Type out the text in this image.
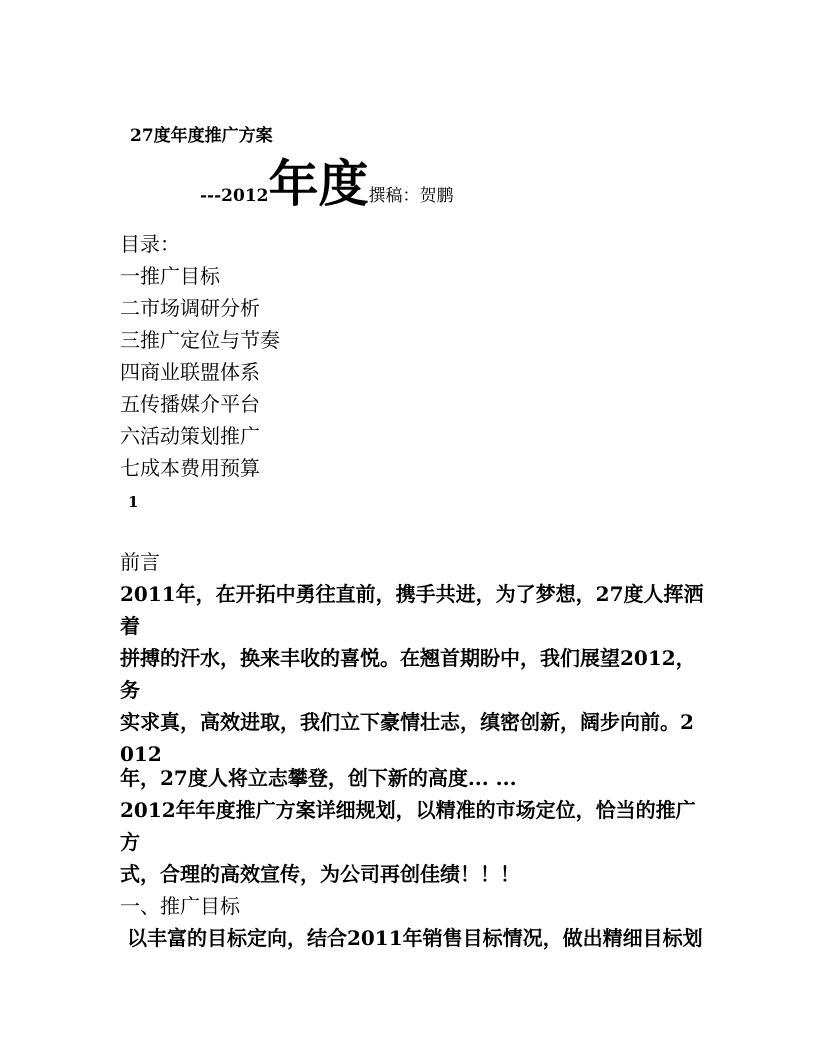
27度年度推广方案
---2012年度撰稿：贺鹏
目录：
一推广目标
二市场调研分析
三推广定位与节奏
四商业联盟体系
五传播媒介平台
六活动策划推广
七成本费用预算
1
前言
2011年，在开拓中勇往直前，携手共进，为了梦想，27度人挥洒
着
拼搏的汗水，换来丰收的喜悦。在翘首期盼中，我们展望2012，
务
实求真，高效进取，我们立下豪情壮志，缜密创新，阔步向前。2
012
年，27度人将立志攀登，创下新的高度... ...
2012年年度推广方案详细规划，以精准的市场定位，恰当的推广
方
式，合理的高效宣传，为公司再创佳绩！！！
一、推广目标
以丰富的目标定向，结合2011年销售目标情况，做出精细目标划
